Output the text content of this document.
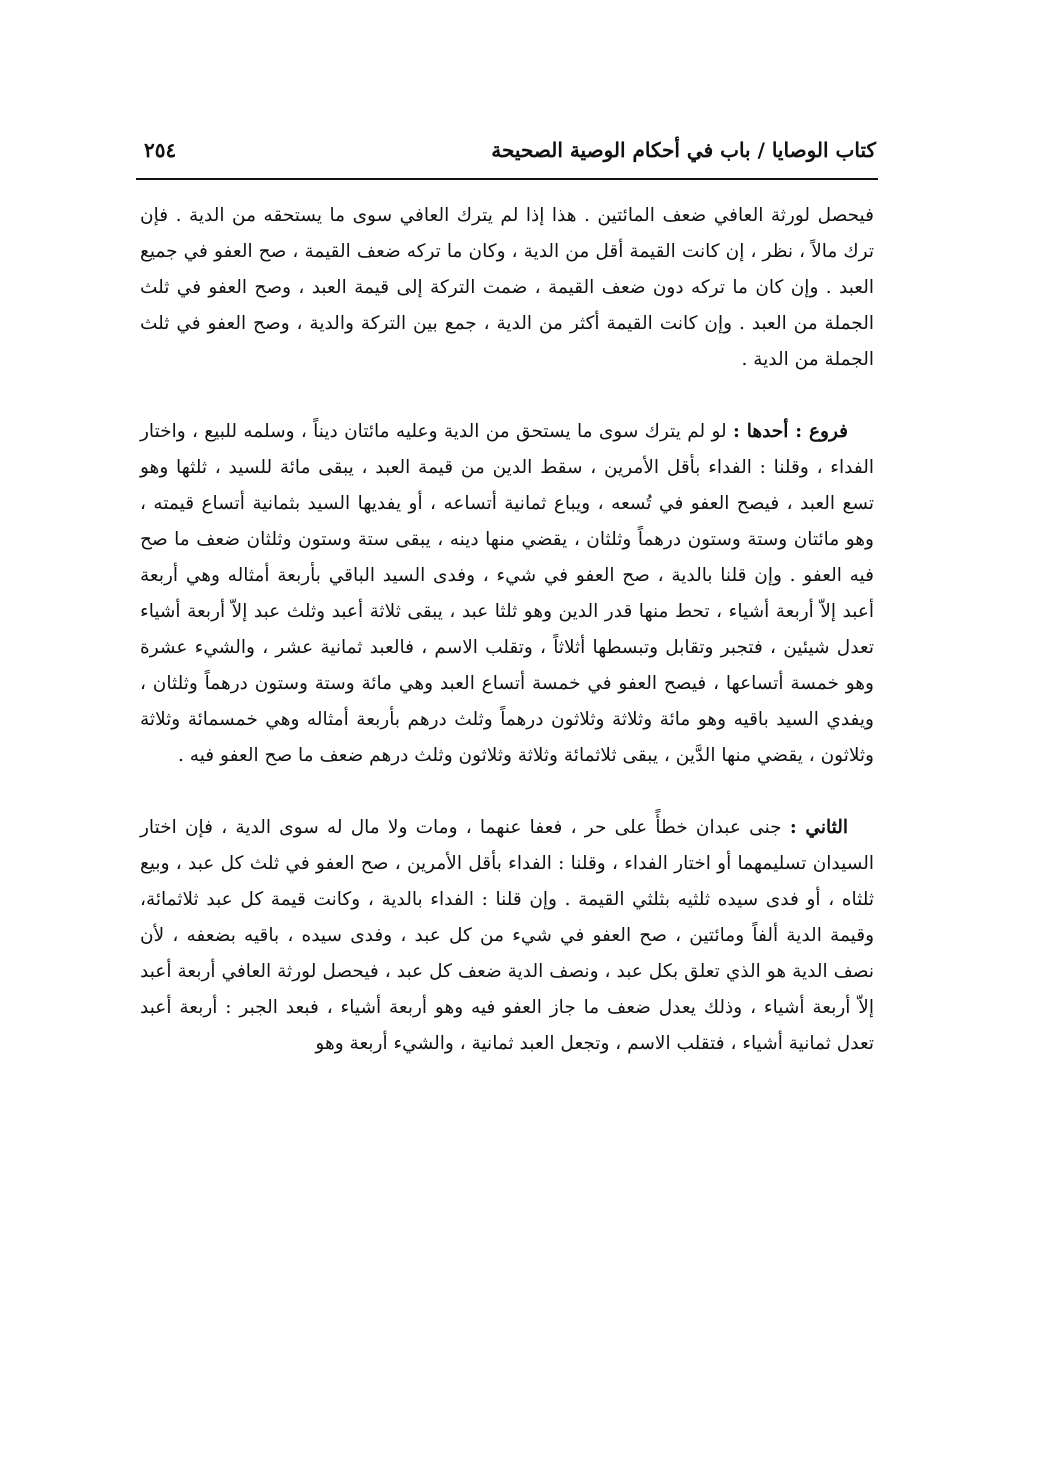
كتاب الوصايا / باب في أحكام الوصية الصحيحة
٢٥٤

فيحصل لورثة العافي ضعف المائتين . هذا إذا لم يترك العافي سوى ما يستحقه من الدية . فإن ترك مالاً ، نظر ، إن كانت القيمة أقل من الدية ، وكان ما تركه ضعف القيمة ، صح العفو في جميع العبد . وإن كان ما تركه دون ضعف القيمة ، ضمت التركة إلى قيمة العبد ، وصح العفو في ثلث الجملة من العبد . وإن كانت القيمة أكثر من الدية ، جمع بين التركة والدية ، وصح العفو في ثلث الجملة من الدية .

فروع : أحدها : لو لم يترك سوى ما يستحق من الدية وعليه مائتان ديناً ، وسلمه للبيع ، واختار الفداء ، وقلنا : الفداء بأقل الأمرين ، سقط الدين من قيمة العبد ، يبقى مائة للسيد ، ثلثها وهو تسع العبد ، فيصح العفو في تُسعه ، ويباع ثمانية أتساعه ، أو يفديها السيد بثمانية أتساع قيمته ، وهو مائتان وستة وستون درهماً وثلثان ، يقضي منها دينه ، يبقى ستة وستون وثلثان ضعف ما صح فيه العفو . وإن قلنا بالدية ، صح العفو في شيء ، وفدى السيد الباقي بأربعة أمثاله وهي أربعة أعبد إلاّ أربعة أشياء ، تحط منها قدر الدين وهو ثلثا عبد ، يبقى ثلاثة أعبد وثلث عبد إلاّ أربعة أشياء تعدل شيئين ، فتجبر وتقابل وتبسطها أثلاثاً ، وتقلب الاسم ، فالعبد ثمانية عشر ، والشيء عشرة وهو خمسة أتساعها ، فيصح العفو في خمسة أتساع العبد وهي مائة وستة وستون درهماً وثلثان ، ويفدي السيد باقيه وهو مائة وثلاثة وثلاثون درهماً وثلث درهم بأربعة أمثاله وهي خمسمائة وثلاثة وثلاثون ، يقضي منها الدَّين ، يبقى ثلاثمائة وثلاثة وثلاثون وثلث درهم ضعف ما صح العفو فيه .

الثاني : جنى عبدان خطأً على حر ، فعفا عنهما ، ومات ولا مال له سوى الدية ، فإن اختار السيدان تسليمهما أو اختار الفداء ، وقلنا : الفداء بأقل الأمرين ، صح العفو في ثلث كل عبد ، وبيع ثلثاه ، أو فدى سيده ثلثيه بثلثي القيمة . وإن قلنا : الفداء بالدية ، وكانت قيمة كل عبد ثلاثمائة، وقيمة الدية ألفاً ومائتين ، صح العفو في شيء من كل عبد ، وفدى سيده ، باقيه بضعفه ، لأن نصف الدية هو الذي تعلق بكل عبد ، ونصف الدية ضعف كل عبد ، فيحصل لورثة العافي أربعة أعبد إلاّ أربعة أشياء ، وذلك يعدل ضعف ما جاز العفو فيه وهو أربعة أشياء ، فبعد الجبر : أربعة أعبد تعدل ثمانية أشياء ، فتقلب الاسم ، وتجعل العبد ثمانية ، والشيء أربعة وهو
